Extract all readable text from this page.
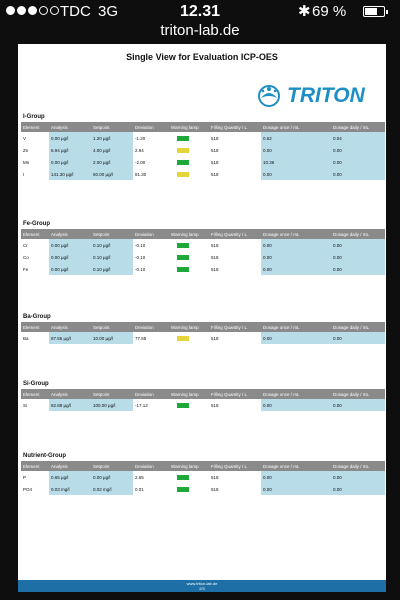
TDC 3G	12.31	✱ 69 %
triton-lab.de
Single View for Evaluation ICP-OES
TRITON
I-Group
Element	Analysis	Setpoint	Deviation	Warning lamp	Filling Quantity / L	Dosage once / mL	Dosage daily / mL
V	0.00 µg/l	1.20 µg/l	-1.20		518	0.62	0.04
Zn	6.94 µg/l	4.00 µg/l	2.94		518	0.00	0.00
Mn	0.00 µg/l	2.00 µg/l	-2.00		518	10.36	0.00
I	141.30 µg/l	60.00 µg/l	81.30		518	0.00	0.00
Fe-Group
Element	Analysis	Setpoint	Deviation	Warning lamp	Filling Quantity / L	Dosage once / mL	Dosage daily / mL
Cr	0.00 µg/l	0.10 µg/l	-0.10		518	0.00	0.00
Co	0.00 µg/l	0.10 µg/l	-0.10		518	0.00	0.00
Fe	0.00 µg/l	0.10 µg/l	-0.10		518	0.00	0.00
Ba-Group
Element	Analysis	Setpoint	Deviation	Warning lamp	Filling Quantity / L	Dosage once / mL	Dosage daily / mL
Ba	87.55 µg/l	10.00 µg/l	77.55		518	0.00	0.00
Si-Group
Element	Analysis	Setpoint	Deviation	Warning lamp	Filling Quantity / L	Dosage once / mL	Dosage daily / mL
Si	82.88 µg/l	100.00 µg/l	-17.12		518	0.00	0.00
Nutrient-Group
Element	Analysis	Setpoint	Deviation	Warning lamp	Filling Quantity / L	Dosage once / mL	Dosage daily / mL
P	0.65 µg/l	0.00 µg/l	2.65		518	0.00	0.00
PO4	0.03 mg/l	0.02 mg/l	0.01		518	0.00	0.00
www.triton-lab.de
2/3
